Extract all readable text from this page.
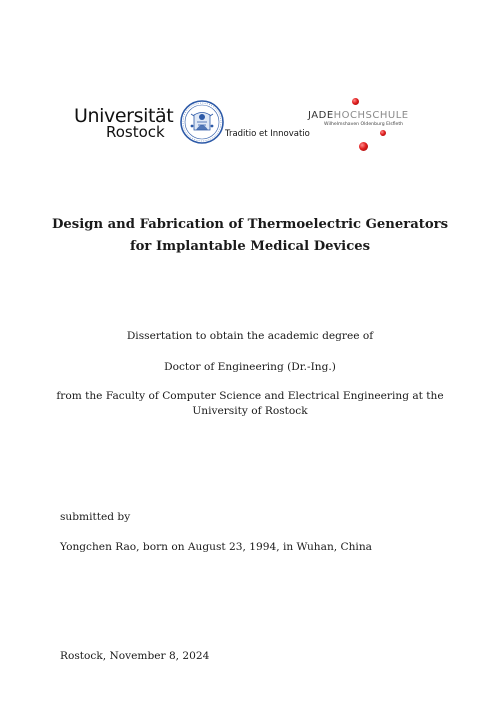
Universität
Rostock	Traditio et Innovatio
JADEHOCHSCHULE
Wilhelmshaven Oldenburg Elsfleth
Design and Fabrication of Thermoelectric Generators
for Implantable Medical Devices
Dissertation to obtain the academic degree of
Doctor of Engineering (Dr.-Ing.)
from the Faculty of Computer Science and Electrical Engineering at the
University of Rostock
submitted by
Yongchen Rao, born on August 23, 1994, in Wuhan, China
Rostock, November 8, 2024
